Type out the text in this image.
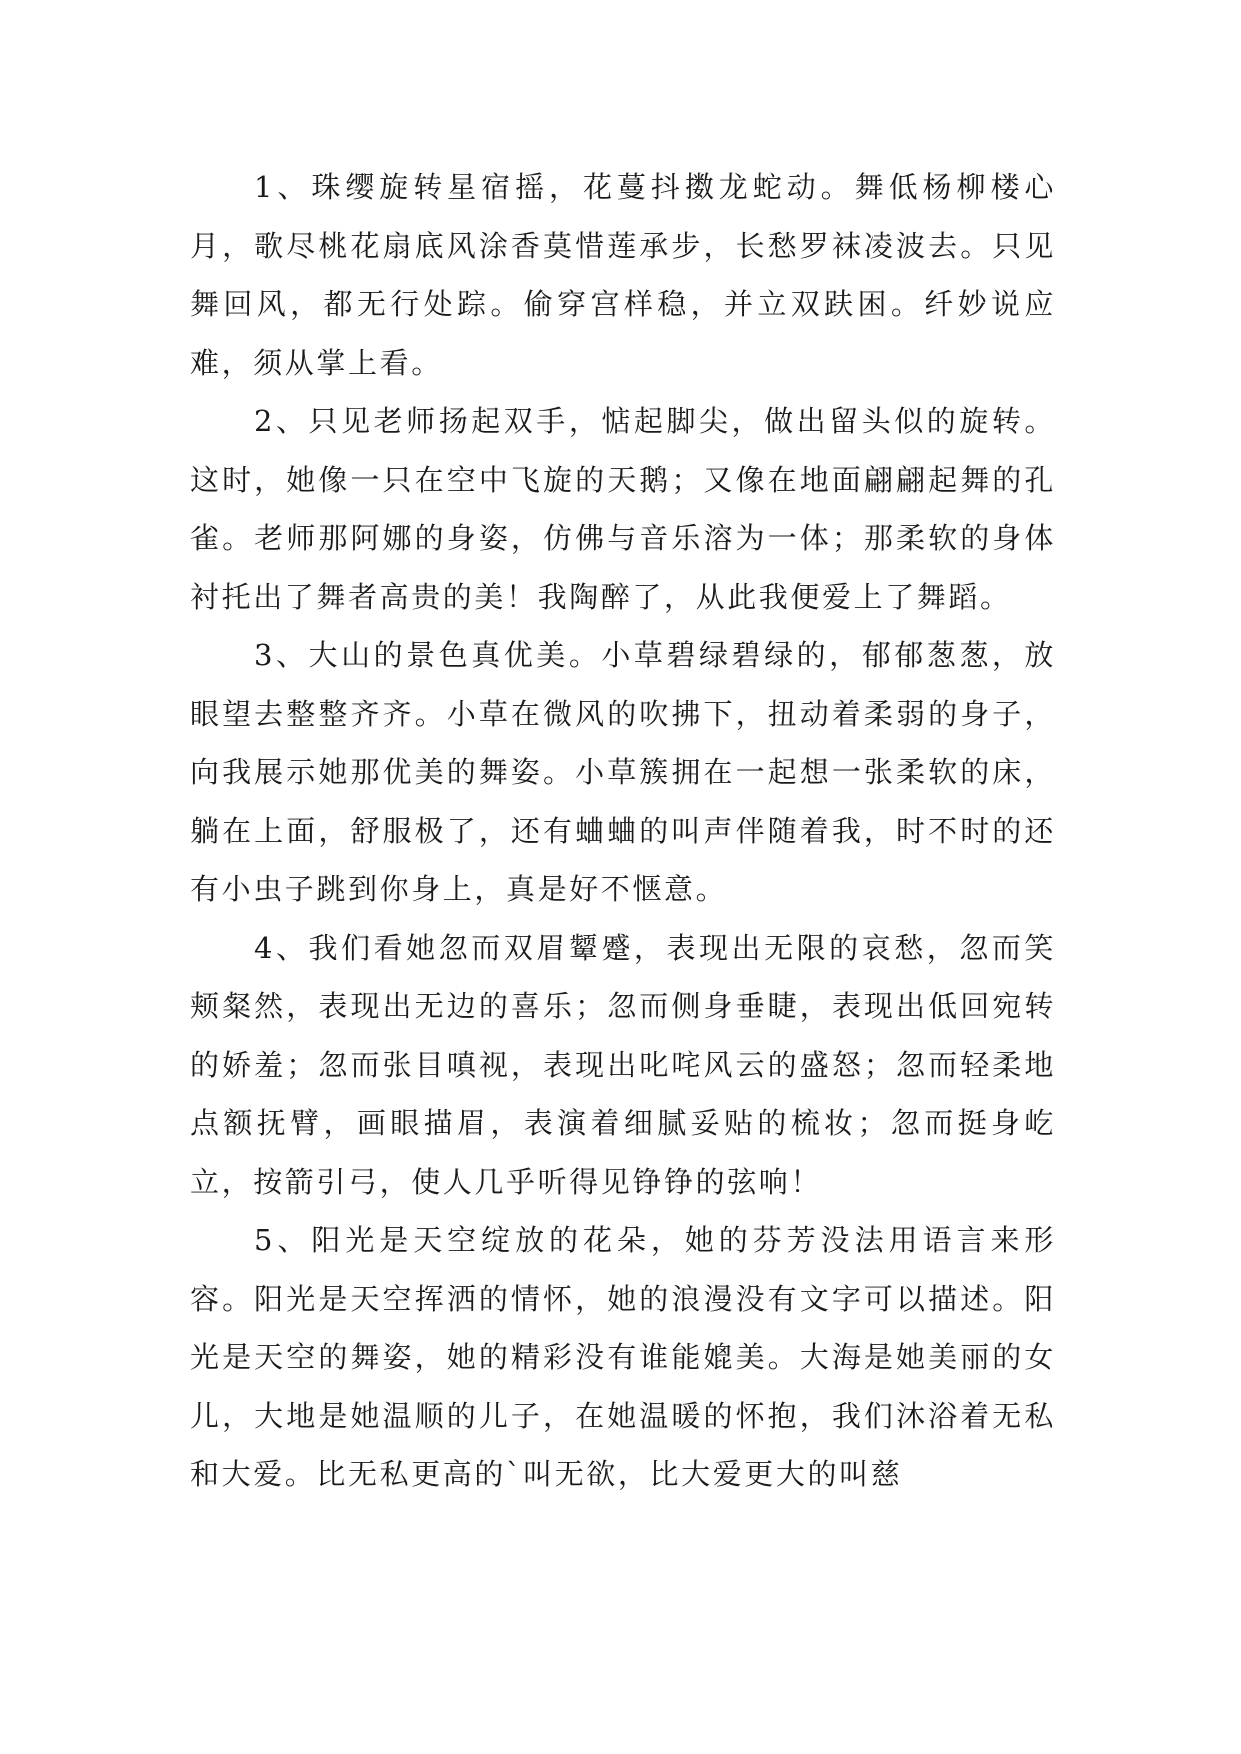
1、珠缨旋转星宿摇，花蔓抖擞龙蛇动。舞低杨柳楼心月，歌尽桃花扇底风涂香莫惜莲承步，长愁罗袜凌波去。只见舞回风，都无行处踪。偷穿宫样稳，并立双趺困。纤妙说应难，须从掌上看。

2、只见老师扬起双手，惦起脚尖，做出留头似的旋转。这时，她像一只在空中飞旋的天鹅；又像在地面翩翩起舞的孔雀。老师那阿娜的身姿，仿佛与音乐溶为一体；那柔软的身体衬托出了舞者高贵的美！我陶醉了，从此我便爱上了舞蹈。

3、大山的景色真优美。小草碧绿碧绿的，郁郁葱葱，放眼望去整整齐齐。小草在微风的吹拂下，扭动着柔弱的身子，向我展示她那优美的舞姿。小草簇拥在一起想一张柔软的床，躺在上面，舒服极了，还有蛐蛐的叫声伴随着我，时不时的还有小虫子跳到你身上，真是好不惬意。

4、我们看她忽而双眉颦蹙，表现出无限的哀愁，忽而笑颊粲然，表现出无边的喜乐；忽而侧身垂睫，表现出低回宛转的娇羞；忽而张目嗔视，表现出叱咤风云的盛怒；忽而轻柔地点额抚臂，画眼描眉，表演着细腻妥贴的梳妆；忽而挺身屹立，按箭引弓，使人几乎听得见铮铮的弦响！

5、阳光是天空绽放的花朵，她的芬芳没法用语言来形容。阳光是天空挥洒的情怀，她的浪漫没有文字可以描述。阳光是天空的舞姿，她的精彩没有谁能媲美。大海是她美丽的女儿，大地是她温顺的儿子，在她温暖的怀抱，我们沐浴着无私和大爱。比无私更高的`叫无欲，比大爱更大的叫慈
